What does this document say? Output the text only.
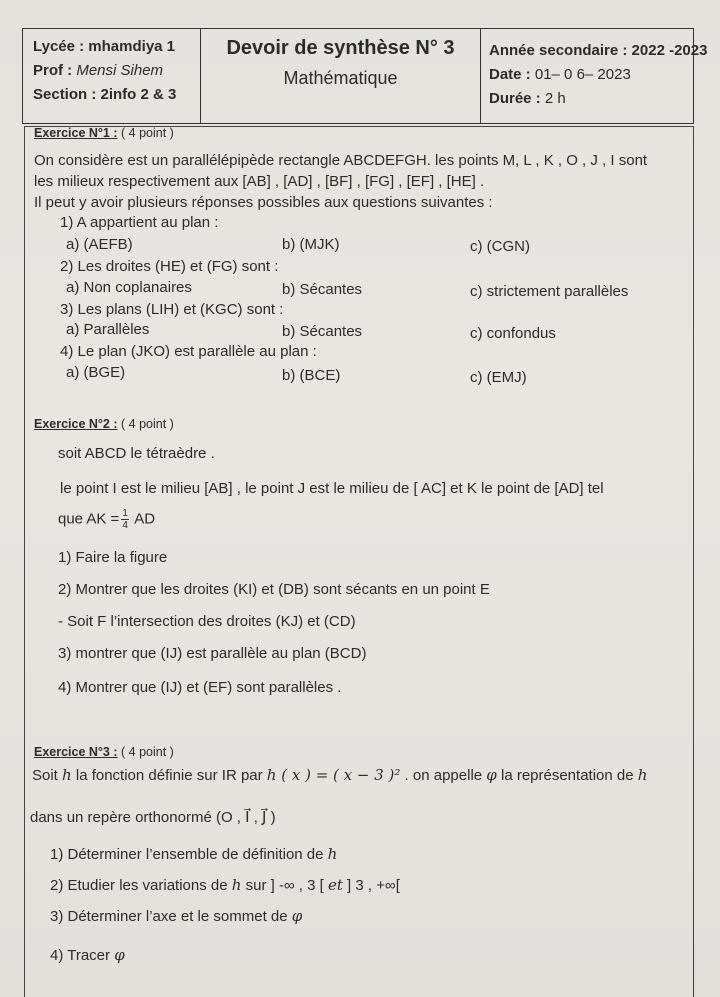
Lycée : mhamdiya 1
Prof : Mensi Sihem
Section : 2info 2 & 3
Devoir de synthèse N° 3
Mathématique
Année secondaire : 2022 -2023
Date : 01– 0 6– 2023
Durée : 2 h
Exercice N°1 : ( 4 point )
On considère est un parallélépipède rectangle ABCDEFGH. les points M, L , K , O , J , I sont
les milieux respectivement aux [AB] , [AD] , [BF] , [FG] , [EF] , [HE] .
Il peut y avoir plusieurs réponses possibles aux questions suivantes :
1) A appartient au plan :
a) (AEFB)	b) (MJK)	c) (CGN)
2) Les droites (HE) et (FG) sont :
a) Non coplanaires	b) Sécantes	c) strictement parallèles
3) Les plans (LIH) et (KGC) sont :
a) Parallèles	b) Sécantes	c) confondus
4) Le plan (JKO) est parallèle au plan :
a) (BGE)	b) (BCE)	c) (EMJ)
Exercice N°2 : ( 4 point )
soit ABCD le tétraèdre .
le point I est le milieu [AB] , le point J est le milieu de [ AC] et K le point de [AD] tel
que AK = $\frac{1}{4}$ AD
1) Faire la figure
2) Montrer que les droites (KI) et (DB) sont sécants en un point E
- Soit F l’intersection des droites (KJ) et (CD)
3) montrer que (IJ) est parallèle au plan (BCD)
4) Montrer que (IJ) et (EF) sont parallèles .
Exercice N°3 : ( 4 point )
Soit h la fonction définie sur IR par h ( x ) = ( x − 3 )² . on appelle φ la représentation de h
dans un repère orthonormé (O , I⃗ , J⃗ )
1) Déterminer l’ensemble de définition de h
2) Etudier les variations de h sur ] -∞ , 3 [ et ] 3 , +∞[
3) Déterminer l’axe et le sommet de φ
4) Tracer φ
